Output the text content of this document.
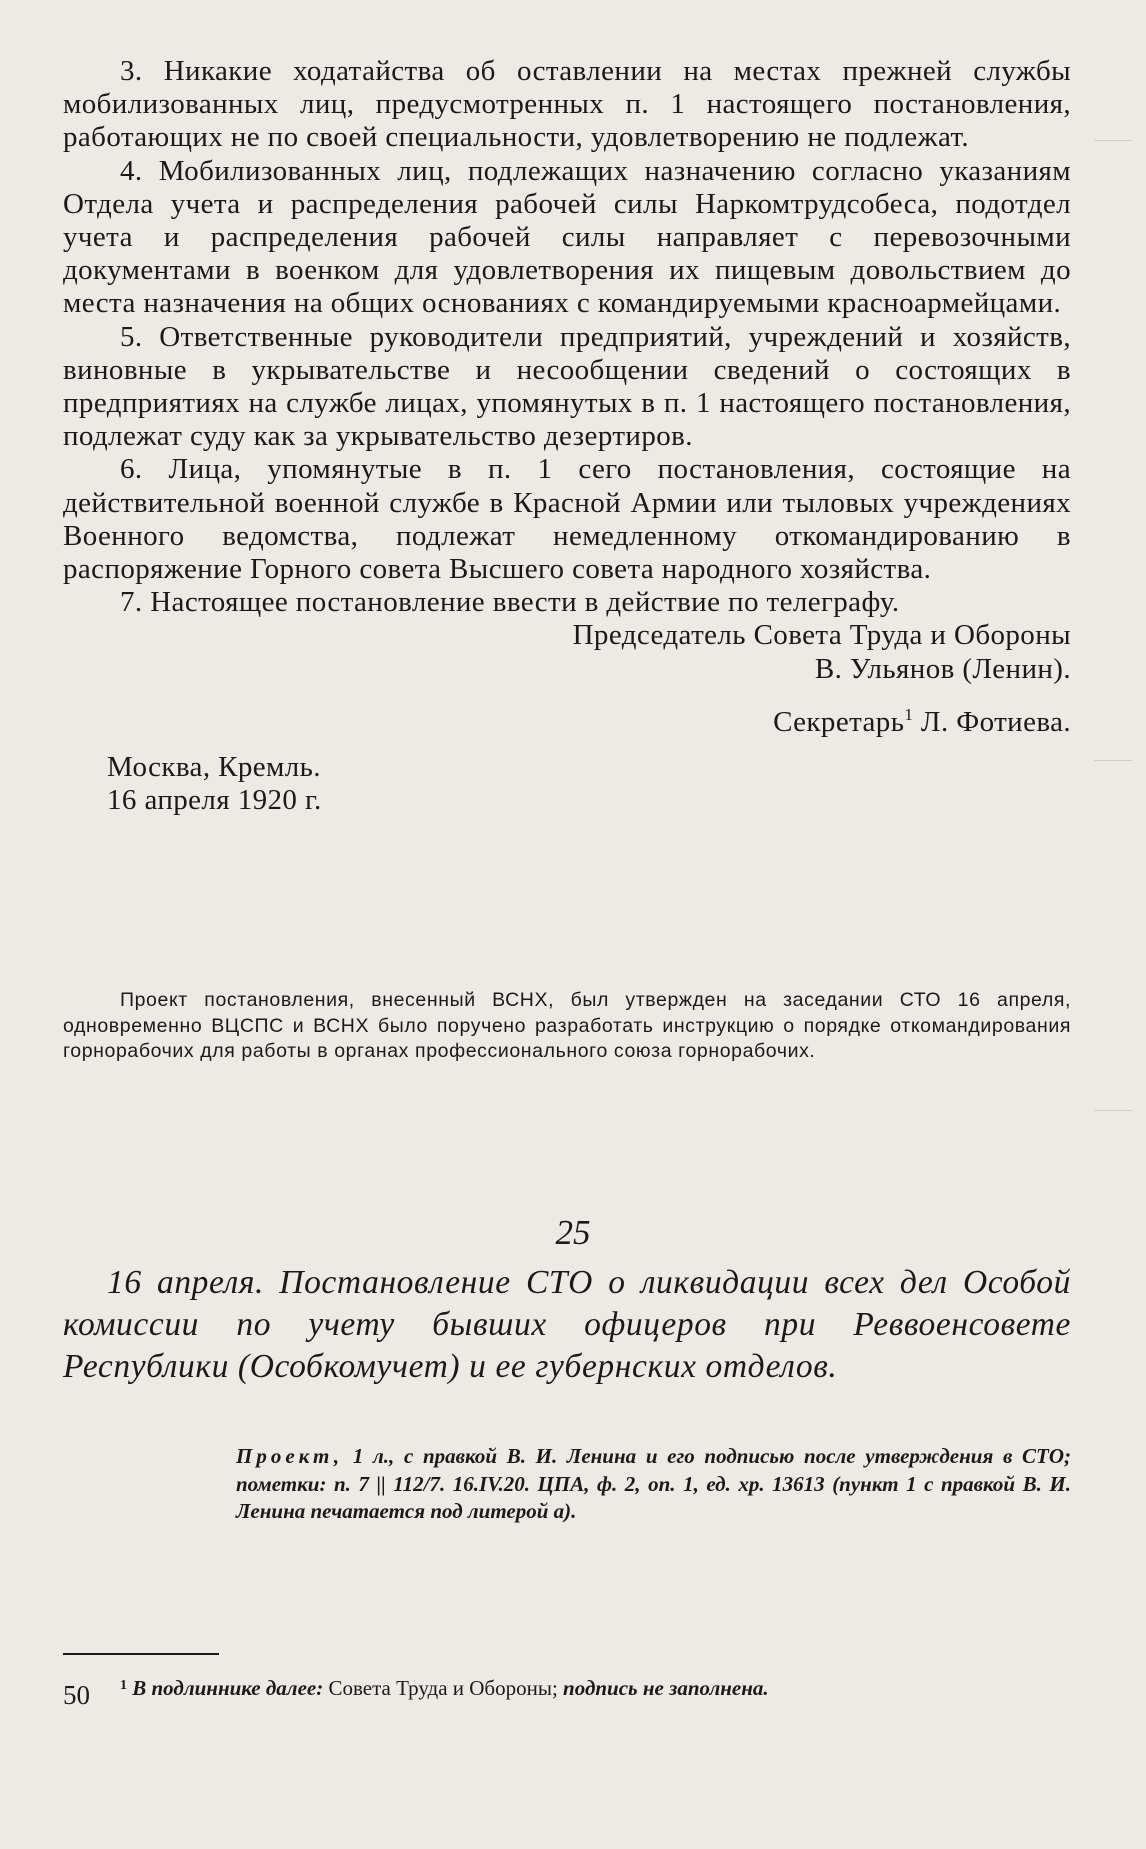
3. Никакие ходатайства об оставлении на местах прежней службы мобилизованных лиц, предусмотренных п. 1 настоящего постановления, работающих не по своей специальности, удовлетворению не подлежат.

4. Мобилизованных лиц, подлежащих назначению согласно указаниям Отдела учета и распределения рабочей силы Наркомтрудсобеса, подотдел учета и распределения рабочей силы направляет с перевозочными документами в военком для удовлетворения их пищевым довольствием до места назначения на общих основаниях с командируемыми красноармейцами.

5. Ответственные руководители предприятий, учреждений и хозяйств, виновные в укрывательстве и несообщении сведений о состоящих в предприятиях на службе лицах, упомянутых в п. 1 настоящего постановления, подлежат суду как за укрывательство дезертиров.

6. Лица, упомянутые в п. 1 сего постановления, состоящие на действительной военной службе в Красной Армии или тыловых учреждениях Военного ведомства, подлежат немедленному откомандированию в распоряжение Горного совета Высшего совета народного хозяйства.

7. Настоящее постановление ввести в действие по телеграфу.

Председатель Совета Труда и Обороны
В. Ульянов (Ленин).
Секретарь$^1$ Л. Фотиева.
Москва, Кремль.
16 апреля 1920 г.

Проект постановления, внесенный ВСНХ, был утвержден на заседании СТО 16 апреля, одновременно ВЦСПС и ВСНХ было поручено разработать инструкцию о порядке откомандирования горнорабочих для работы в органах профессионального союза горнорабочих.

25

16 апреля. Постановление СТО о ликвидации всех дел Особой комиссии по учету бывших офицеров при Реввоенсовете Республики (Особкомучет) и ее губернских отделов.

Проект, 1 л., с правкой В. И. Ленина и его подписью после утверждения в СТО; пометки: п. 7 || 112/7. 16.IV.20. ЦПА, ф. 2, оп. 1, ед. хр. 13613 (пункт 1 с правкой В. И. Ленина печатается под литерой а).

$^1$ В подлиннике далее: Совета Труда и Обороны; подпись не заполнена.

50
